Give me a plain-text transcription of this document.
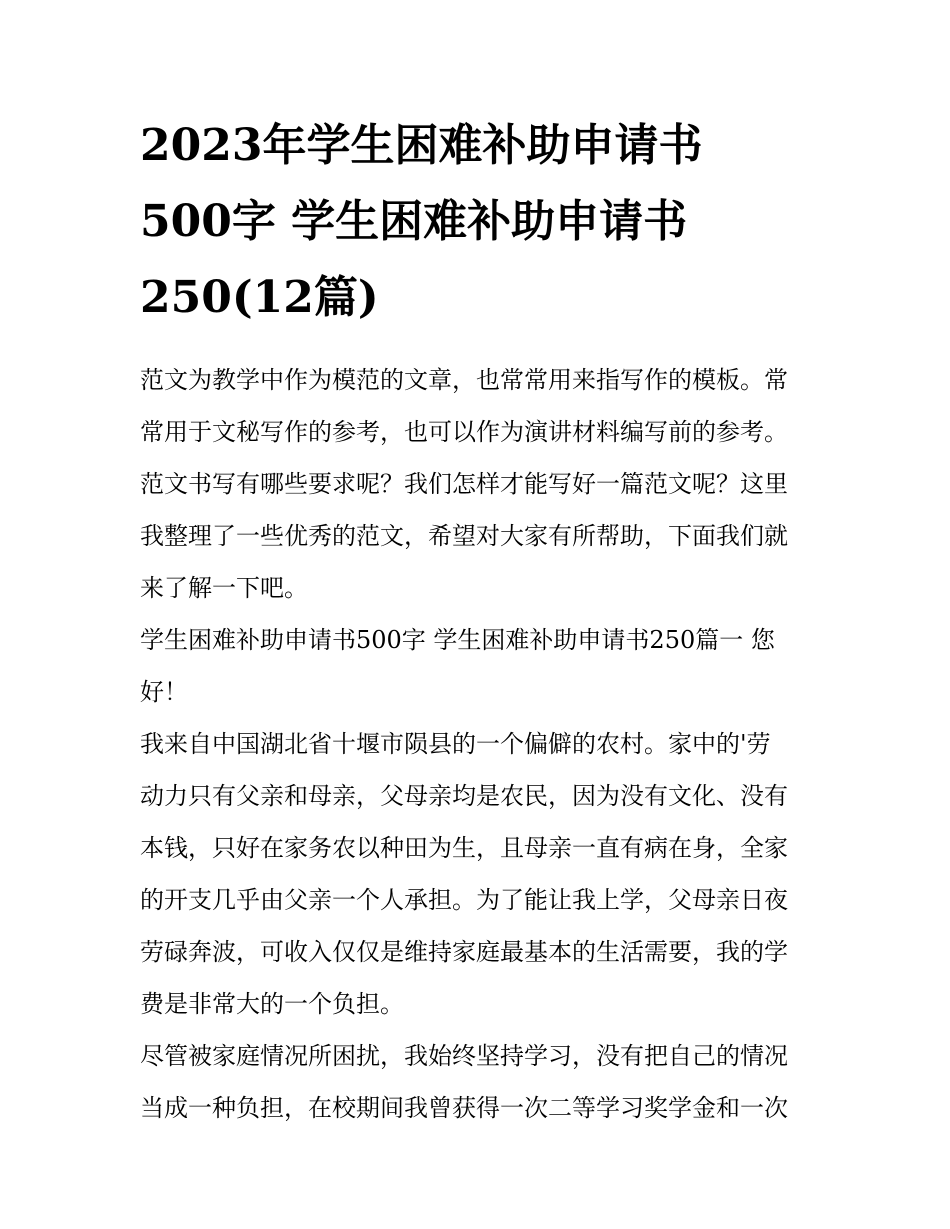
2023年学生困难补助申请书
500字 学生困难补助申请书
250(12篇)
范文为教学中作为模范的文章，也常常用来指写作的模板。常
常用于文秘写作的参考，也可以作为演讲材料编写前的参考。
范文书写有哪些要求呢？我们怎样才能写好一篇范文呢？这里
我整理了一些优秀的范文，希望对大家有所帮助，下面我们就
来了解一下吧。
学生困难补助申请书500字 学生困难补助申请书250篇一 您
好！
我来自中国湖北省十堰市陨县的一个偏僻的农村。家中的'劳
动力只有父亲和母亲，父母亲均是农民，因为没有文化、没有
本钱，只好在家务农以种田为生，且母亲一直有病在身，全家
的开支几乎由父亲一个人承担。为了能让我上学，父母亲日夜
劳碌奔波，可收入仅仅是维持家庭最基本的生活需要，我的学
费是非常大的一个负担。
尽管被家庭情况所困扰，我始终坚持学习，没有把自己的情况
当成一种负担，在校期间我曾获得一次二等学习奖学金和一次
